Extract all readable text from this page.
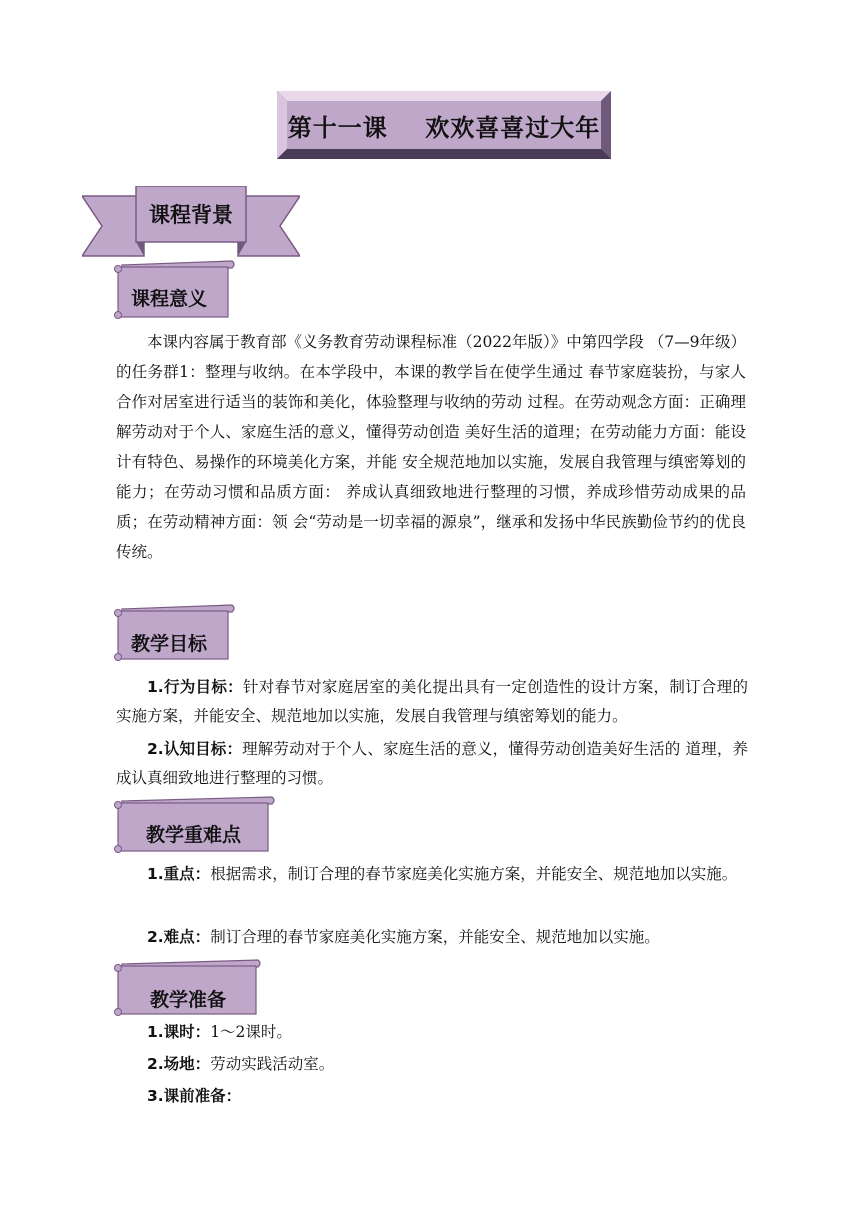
第十一课    欢欢喜喜过大年
课程背景
课程意义

本课内容属于教育部《义务教育劳动课程标准（2022年版）》中第四学段 （7—9年级）的任务群1：整理与收纳。在本学段中，本课的教学旨在使学生通过 春节家庭装扮，与家人合作对居室进行适当的装饰和美化，体验整理与收纳的劳动 过程。在劳动观念方面：正确理解劳动对于个人、家庭生活的意义，懂得劳动创造 美好生活的道理；在劳动能力方面：能设计有特色、易操作的环境美化方案，并能 安全规范地加以实施，发展自我管理与缜密筹划的能力；在劳动习惯和品质方面： 养成认真细致地进行整理的习惯，养成珍惜劳动成果的品质；在劳动精神方面：领 会“劳动是一切幸福的源泉”，继承和发扬中华民族勤俭节约的优良传统。

教学目标

1.行为目标：针对春节对家庭居室的美化提出具有一定创造性的设计方案，制订合理的实施方案，并能安全、规范地加以实施，发展自我管理与缜密筹划的能力。

2.认知目标：理解劳动对于个人、家庭生活的意义，懂得劳动创造美好生活的 道理，养成认真细致地进行整理的习惯。

教学重难点

1.重点：根据需求，制订合理的春节家庭美化实施方案，并能安全、规范地加以实施。

2.难点：制订合理的春节家庭美化实施方案，并能安全、规范地加以实施。

教学准备

1.课时：1～2课时。

2.场地：劳动实践活动室。

3.课前准备：
